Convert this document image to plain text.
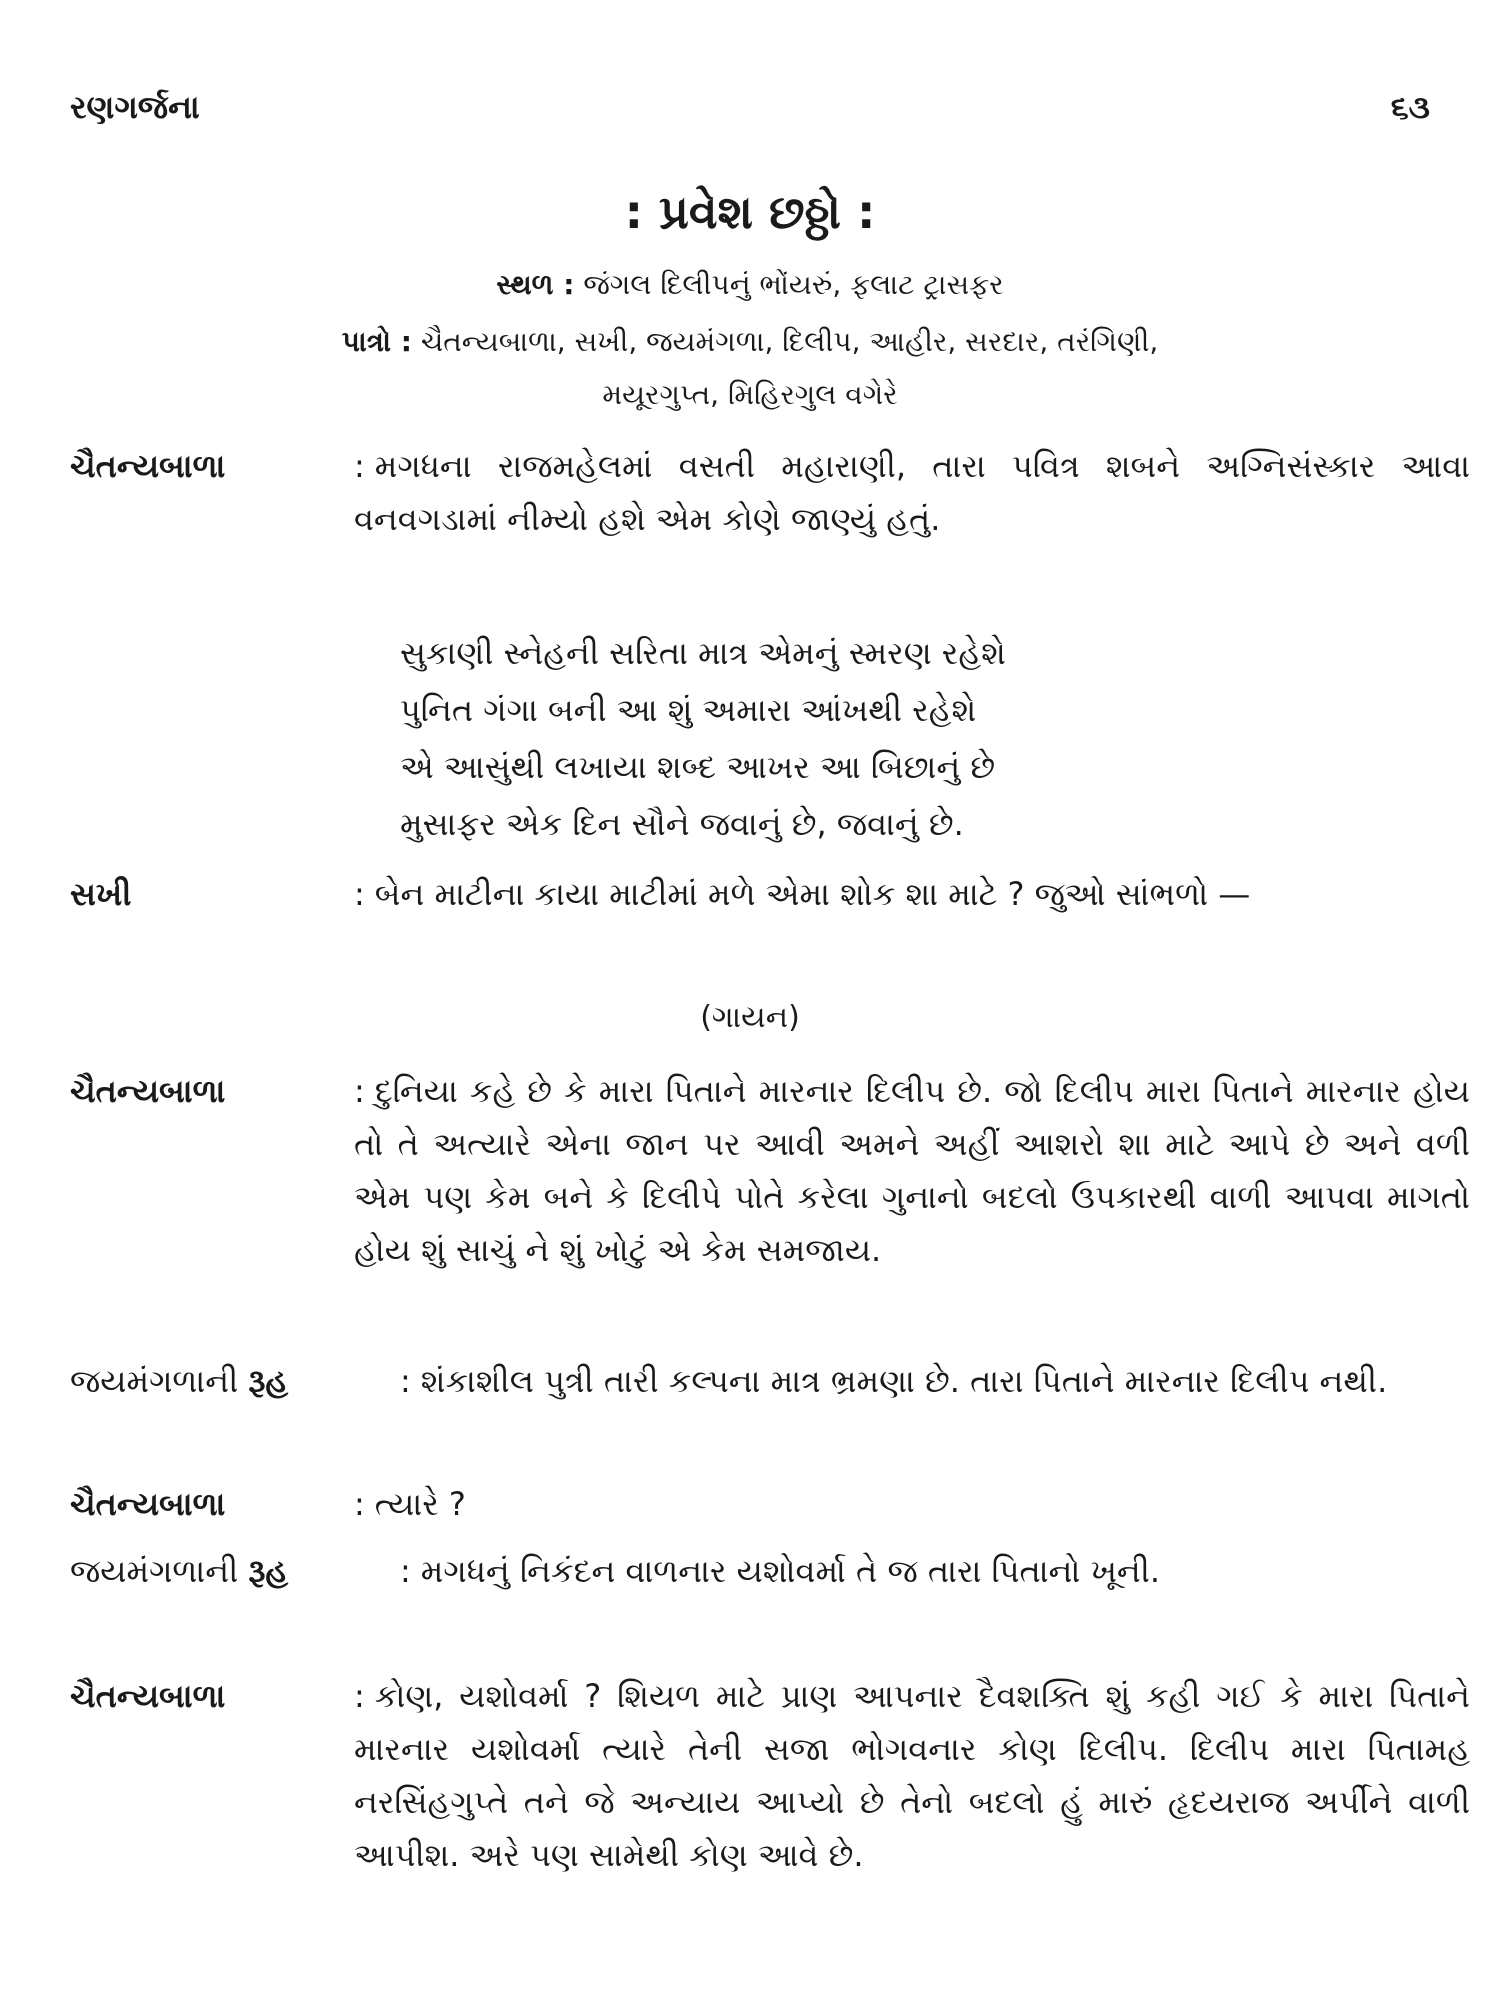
રણગર્જના	૬૩
: પ્રવેશ છઠ્ઠો :
સ્થળ : જંગલ દિલીપનું ભોંયરું, ફલાટ ટ્રાસફર
પાત્રો : ચૈતન્યબાળા, સખી, જયમંગળા, દિલીપ, આહીર, સરદાર, તરંગિણી,
મયૂરગુપ્ત, મિહિરગુલ વગેરે
ચૈતન્યબાળા	: મગધના રાજમહેલમાં વસતી મહારાણી, તારા પવિત્ર શબને અગ્નિસંસ્કાર આવા વનવગડામાં નીમ્યો હશે એમ કોણે જાણ્યું હતું.
સુકાણી સ્નેહની સરિતા માત્ર એમનું સ્મરણ રહેશે
પુનિત ગંગા બની આ શું અમારા આંખથી રહેશે
એ આસુંથી લખાયા શબ્દ આખર આ બિછાનું છે
મુસાફર એક દિન સૌને જવાનું છે, જવાનું છે.
સખી	: બેન માટીના કાયા માટીમાં મળે એમા શોક શા માટે ? જુઓ સાંભળો —
(ગાયન)
ચૈતન્યબાળા	: દુનિયા કહે છે કે મારા પિતાને મારનાર દિલીપ છે. જો દિલીપ મારા પિતાને મારનાર હોય તો તે અત્યારે એના જાન પર આવી અમને અહીં આશરો શા માટે આપે છે અને વળી એમ પણ કેમ બને કે દિલીપે પોતે કરેલા ગુનાનો બદલો ઉપકારથી વાળી આપવા માગતો હોય શું સાચું ને શું ખોટું એ કેમ સમજાય.
જયમંગળાની રૂહ	: શંકાશીલ પુત્રી તારી કલ્પના માત્ર ભ્રમણા છે. તારા પિતાને મારનાર દિલીપ નથી.
ચૈતન્યબાળા	: ત્યારે ?
જયમંગળાની રૂહ	: મગધનું નિકંદન વાળનાર યશોવર્મા તે જ તારા પિતાનો ખૂની.
ચૈતન્યબાળા	: કોણ, યશોવર્મા ? શિયળ માટે પ્રાણ આપનાર દૈવશક્તિ શું કહી ગઈ કે મારા પિતાને મારનાર યશોવર્મા ત્યારે તેની સજા ભોગવનાર કોણ દિલીપ. દિલીપ મારા પિતામહ નરસિંહગુપ્તે તને જે અન્યાય આપ્યો છે તેનો બદલો હું મારું હૃદયરાજ અર્પીને વાળી આપીશ. અરે પણ સામેથી કોણ આવે છે.
